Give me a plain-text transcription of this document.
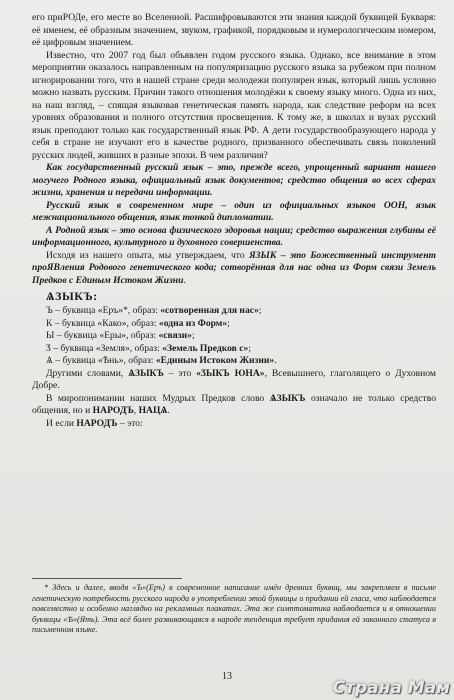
его приРОДе, его месте во Вселенной. Расшифровываются эти знания каждой буквицей Букваря: её именем, её образным значением, звуком, графикой, порядковым и нумерологическим номером, её цифровым значением.

Известно, что 2007 год был объявлен годом русского языка. Однако, все внимание в этом мероприятии оказалось направленным на популяризацию русского языка за рубежом при полном игнорировании того, что в нашей стране среди молодежи популярен язык, который лишь условно можно назвать русским. Причин такого отношения молодёжи к своему языку много. Одна из них, на наш взгляд, – спящая языковая генетическая память народа, как следствие реформ на всех уровнях образования и полного отсутствия просвещения. К тому же, в школах и вузах русский язык преподают только как государственный язык РФ. А дети государствообразующего народа у себя в стране не изучают его в качестве родного, призванного обеспечивать связь поколений русских людей, живших в разные эпохи. В чем различия?

Как государственный русский язык – это, прежде всего, упрощенный вариант нашего могучего Родного языка, официальный язык документов; средство общения во всех сферах жизни, хранения и передачи информации.

Русский язык в современном мире – один из официальных языков ООН, язык межнационального общения, язык тонкой дипломатии.

А Родной язык – это основа физического здоровья нации; средство выражения глубины её информационного, культурного и духовного совершенства.

Исходя из нашего опыта, мы утверждаем, что ЯЗЫК – это Божественный инструмент проЯВления Родового генетического кода; сотворённая для нас одна из Форм связи Земель Предков с Единым Истоком Жизни.

ѦЗЫКЪ:
Ъ – буквица «Еръ»*, образ: «сотворенная для нас»;
К – буквица «Како», образ: «одна из Форм»;
Ы – буквица «Еры», образ: «связи»;
Ӡ – буквица «Земля», образ: «Земель Предков с»;
Ѧ – буквица «Ѣнь», образ: «Единым Истоком Жизни».

Другими словами, ѦЗЫКЪ – это «ӠЫКЪ ЮНА», Всевышнего, глаголящего о Духовном Добре.

В миропонимании наших Мудрых Предков слово ѦЗЫКЪ означало не только средство общения, но и НАРОДЪ, НАЦѦ.

И если НАРОДЪ – это:

* Здесь и далее, вводя «Ъ»(Еръ) в современное написание имён древних буквиц, мы закрепляем в письме генетическую потребность русского народа в употреблении этой буквицы и придании ей гласа, что наблюдается повсеместно и особенно наглядно на рекламных плакатах. Эта же симптоматика наблюдается и в отношении буквицы «Ѣ»(Ять). Эта всё более развивающаяся в народе тенденция требует придания ей законного статуса в письменном языке.
13
Страна Мам
